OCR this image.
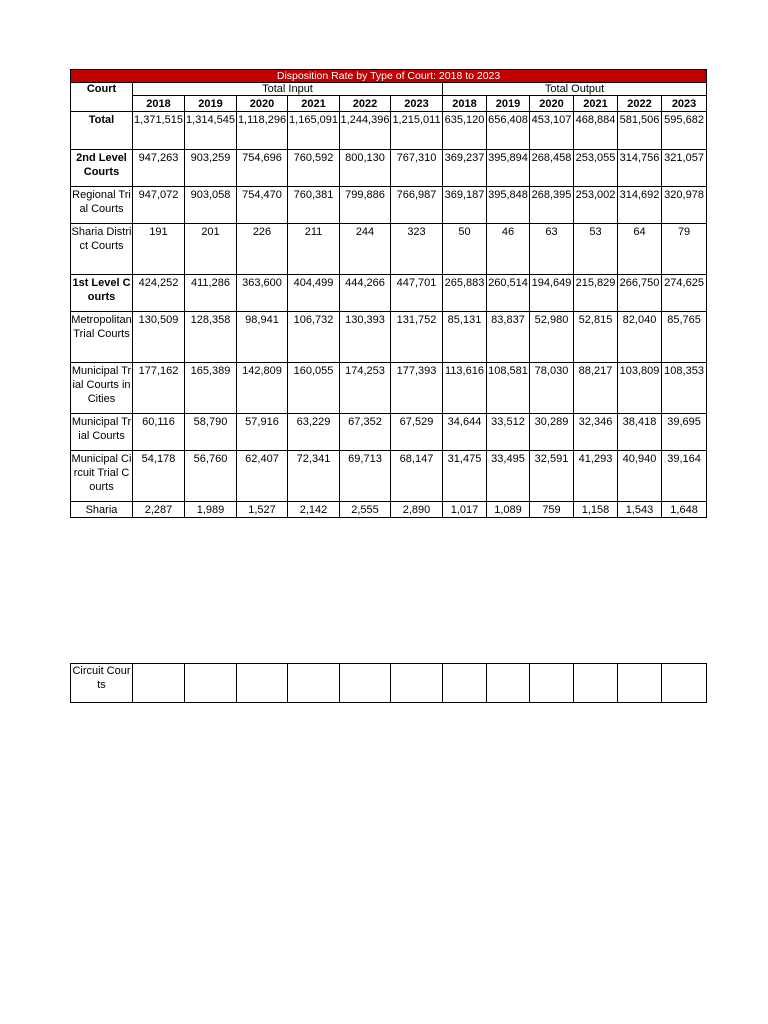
Disposition Rate by Type of Court: 2018 to 2023												
Court	Total Input						Total Output					
	2018	2019	2020	2021	2022	2023	2018	2019	2020	2021	2022	2023
Total	1,371,515	1,314,545	1,118,296	1,165,091	1,244,396	1,215,011	635,120	656,408	453,107	468,884	581,506	595,682
2nd Level Courts	947,263	903,259	754,696	760,592	800,130	767,310	369,237	395,894	268,458	253,055	314,756	321,057
Regional Trial Courts	947,072	903,058	754,470	760,381	799,886	766,987	369,187	395,848	268,395	253,002	314,692	320,978
Sharia District Courts	191	201	226	211	244	323	50	46	63	53	64	79
1st Level Courts	424,252	411,286	363,600	404,499	444,266	447,701	265,883	260,514	194,649	215,829	266,750	274,625
Metropolitan Trial Courts	130,509	128,358	98,941	106,732	130,393	131,752	85,131	83,837	52,980	52,815	82,040	85,765
Municipal Trial Courts in Cities	177,162	165,389	142,809	160,055	174,253	177,393	113,616	108,581	78,030	88,217	103,809	108,353
Municipal Trial Courts	60,116	58,790	57,916	63,229	67,352	67,529	34,644	33,512	30,289	32,346	38,418	39,695
Municipal Circuit Trial Courts	54,178	56,760	62,407	72,341	69,713	68,147	31,475	33,495	32,591	41,293	40,940	39,164
Sharia	2,287	1,989	1,527	2,142	2,555	2,890	1,017	1,089	759	1,158	1,543	1,648
Circuit Courts												
